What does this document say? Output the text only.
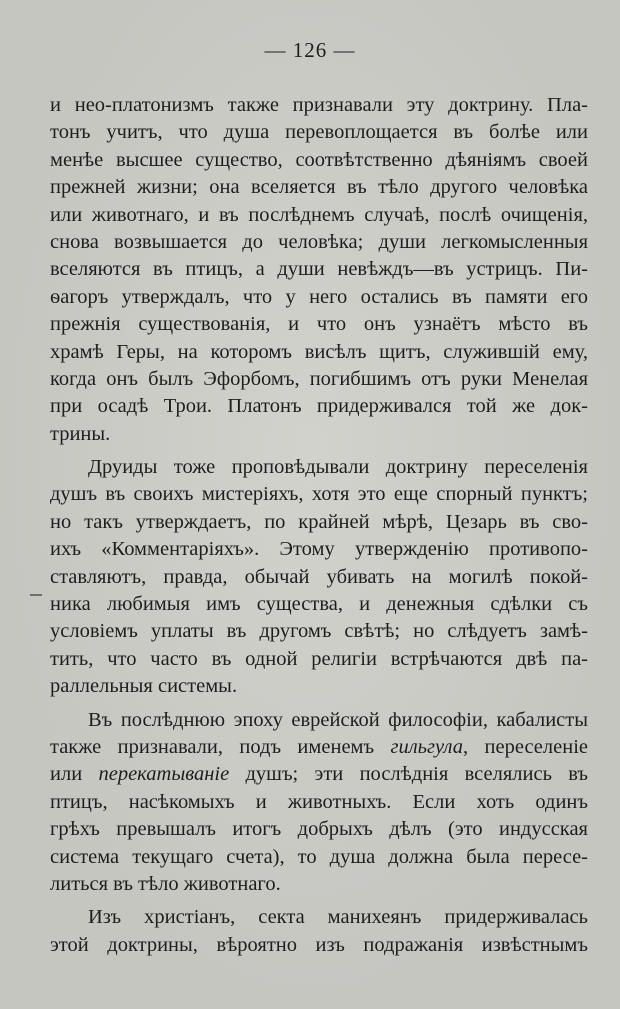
— 126 —
и нео-платонизмъ также признавали эту доктрину. Пла-
тонъ учитъ, что душа перевоплощается въ болѣе или
менѣе высшее существо, соотвѣтственно дѣяніямъ своей
прежней жизни; она вселяется въ тѣло другого человѣка
или животнаго, и въ послѣднемъ случаѣ, послѣ очищенія,
снова возвышается до человѣка; души легкомысленныя
вселяются въ птицъ, а души невѣждъ—въ устрицъ. Пи-
ѳагоръ утверждалъ, что у него остались въ памяти его
прежнія существованія, и что онъ узнаётъ мѣсто въ
храмѣ Геры, на которомъ висѣлъ щитъ, служившій ему,
когда онъ былъ Эфорбомъ, погибшимъ отъ руки Менелая
при осадѣ Трои. Платонъ придерживался той же док-
трины.
Друиды тоже проповѣдывали доктрину переселенія
душъ въ своихъ мистеріяхъ, хотя это еще спорный пунктъ;
но такъ утверждаетъ, по крайней мѣрѣ, Цезарь въ сво-
ихъ «Комментаріяхъ». Этому утвержденію противопо-
ставляютъ, правда, обычай убивать на могилѣ покой-
ника любимыя имъ существа, и денежныя сдѣлки съ
условіемъ уплаты въ другомъ свѣтѣ; но слѣдуетъ замѣ-
тить, что часто въ одной религіи встрѣчаются двѣ па-
раллельныя системы.
Въ послѣднюю эпоху еврейской философіи, кабалисты
также признавали, подъ именемъ гильгула, переселеніе
или перекатываніе душъ; эти послѣднія вселялись въ
птицъ, насѣкомыхъ и животныхъ. Если хоть одинъ
грѣхъ превышалъ итогъ добрыхъ дѣлъ (это индусская
система текущаго счета), то душа должна была пересе-
литься въ тѣло животнаго.
Изъ христіанъ, секта манихеянъ придерживалась
этой доктрины, вѣроятно изъ подражанія извѣстнымъ
